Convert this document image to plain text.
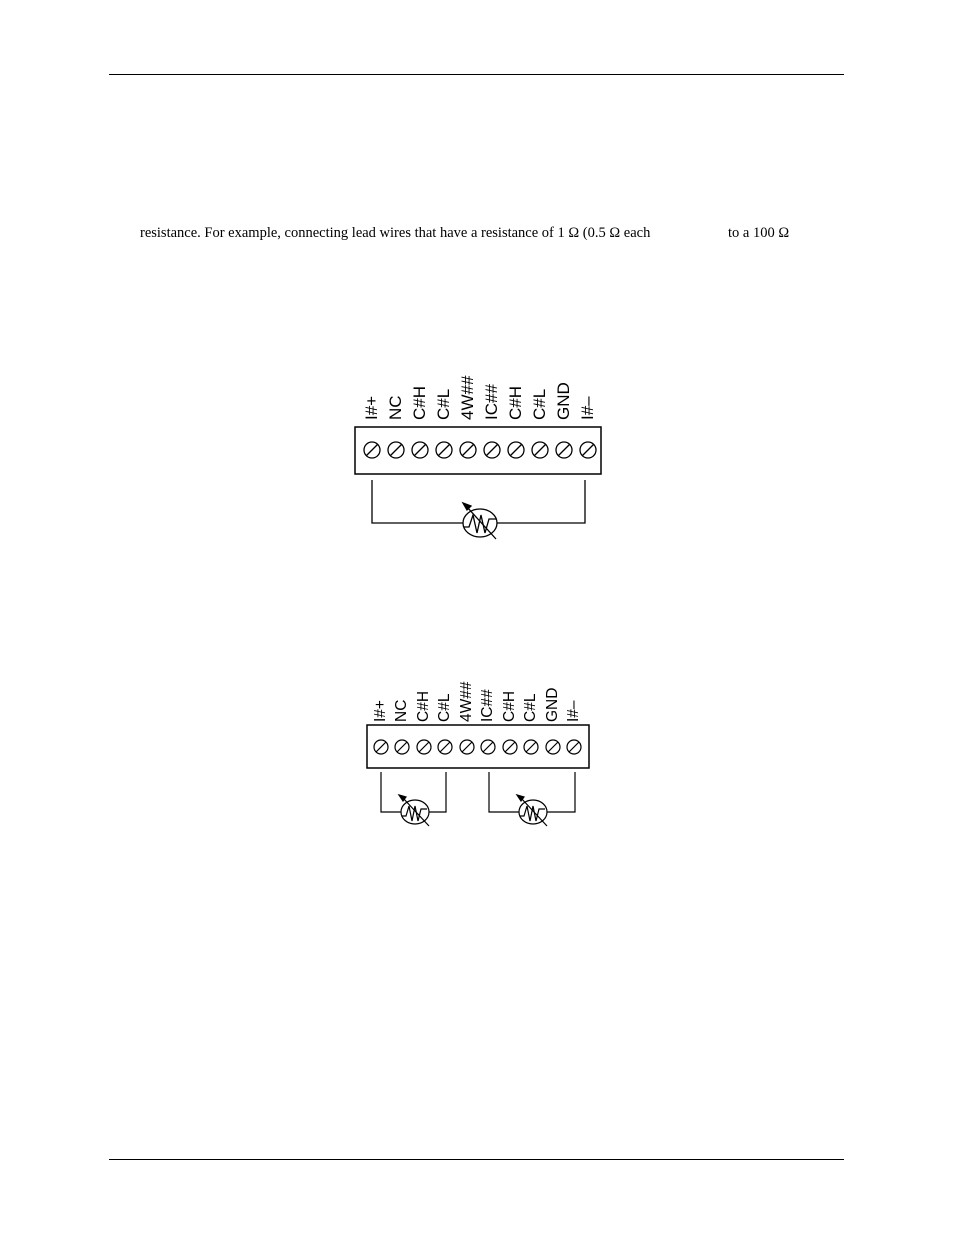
resistance. For example, connecting lead wires that have a resistance of 1 Ω (0.5 Ω each	to a 100 Ω
I#+ NC C#H C#L 4W## IC## C#H C#L GND I#–
I#+ NC C#H C#L 4W## IC## C#H C#L GND I#–
